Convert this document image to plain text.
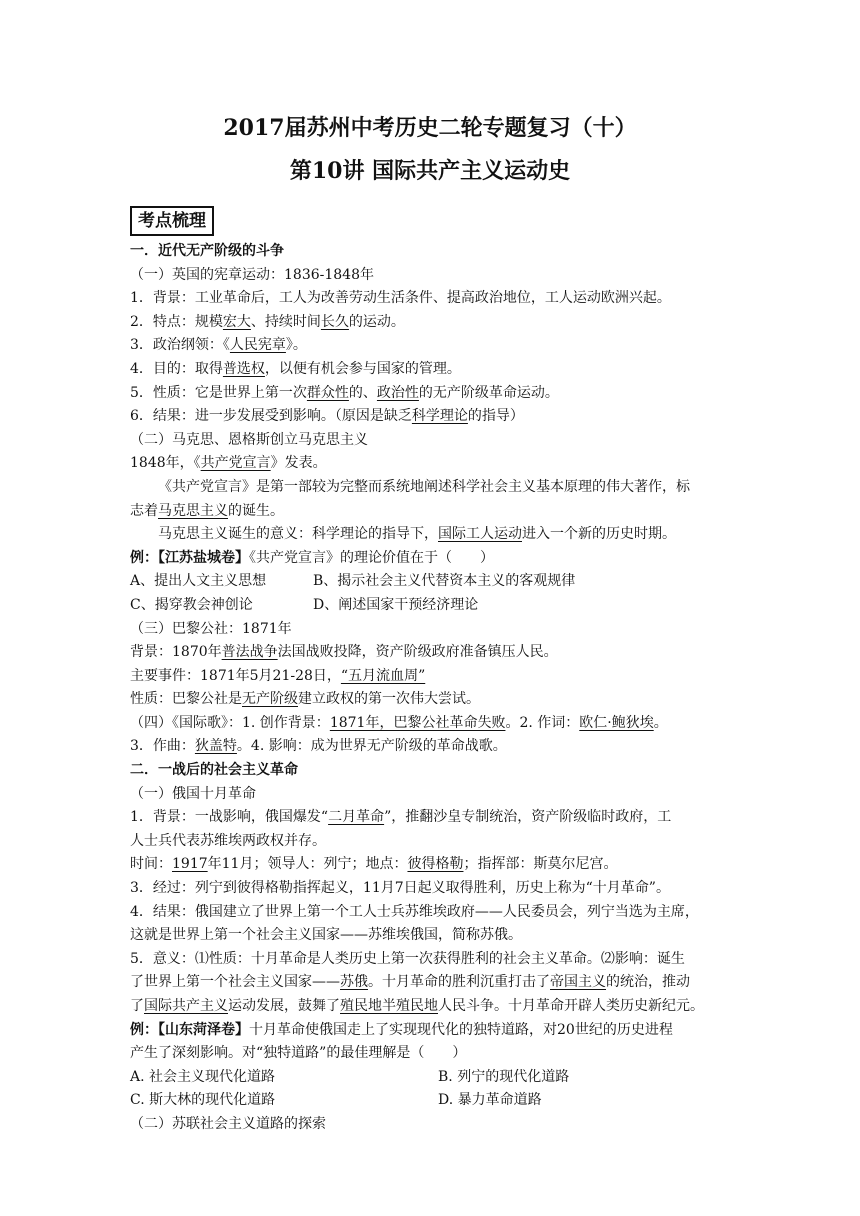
2017届苏州中考历史二轮专题复习（十）
第10讲 国际共产主义运动史
考点梳理
一．近代无产阶级的斗争
（一）英国的宪章运动：1836-1848年
1．背景：工业革命后，工人为改善劳动生活条件、提高政治地位，工人运动欧洲兴起。
2．特点：规模宏大、持续时间长久的运动。
3．政治纲领：《人民宪章》。
4．目的：取得普选权，以便有机会参与国家的管理。
5．性质：它是世界上第一次群众性的、政治性的无产阶级革命运动。
6．结果：进一步发展受到影响。（原因是缺乏科学理论的指导）
（二）马克思、恩格斯创立马克思主义
1848年，《共产党宣言》发表。
《共产党宣言》是第一部较为完整而系统地阐述科学社会主义基本原理的伟大著作，标
志着马克思主义的诞生。
马克思主义诞生的意义：科学理论的指导下，国际工人运动进入一个新的历史时期。
例：【江苏盐城卷】《共产党宣言》的理论价值在于（　　）
A、提出人文主义思想	B、揭示社会主义代替资本主义的客观规律
C、揭穿教会神创论	D、阐述国家干预经济理论
（三）巴黎公社：1871年
背景：1870年普法战争法国战败投降，资产阶级政府准备镇压人民。
主要事件：1871年5月21-28日，“五月流血周”
性质：巴黎公社是无产阶级建立政权的第一次伟大尝试。
（四）《国际歌》：1. 创作背景：1871年，巴黎公社革命失败。2. 作词：欧仁·鲍狄埃。
3．作曲：狄盖特。4. 影响：成为世界无产阶级的革命战歌。
二．一战后的社会主义革命
（一）俄国十月革命
1．背景：一战影响，俄国爆发“二月革命”，推翻沙皇专制统治，资产阶级临时政府，工
人士兵代表苏维埃两政权并存。
时间：1917年11月；领导人：列宁；地点：彼得格勒；指挥部：斯莫尔尼宫。
3．经过：列宁到彼得格勒指挥起义，11月7日起义取得胜利，历史上称为“十月革命”。
4．结果：俄国建立了世界上第一个工人士兵苏维埃政府——人民委员会，列宁当选为主席，
这就是世界上第一个社会主义国家——苏维埃俄国，简称苏俄。
5．意义：⑴性质：十月革命是人类历史上第一次获得胜利的社会主义革命。⑵影响：诞生
了世界上第一个社会主义国家——苏俄。十月革命的胜利沉重打击了帝国主义的统治，推动
了国际共产主义运动发展，鼓舞了殖民地半殖民地人民斗争。十月革命开辟人类历史新纪元。
例：【山东菏泽卷】十月革命使俄国走上了实现现代化的独特道路，对20世纪的历史进程
产生了深刻影响。对“独特道路”的最佳理解是（　　）
A. 社会主义现代化道路	B. 列宁的现代化道路
C. 斯大林的现代化道路	D. 暴力革命道路
（二）苏联社会主义道路的探索
